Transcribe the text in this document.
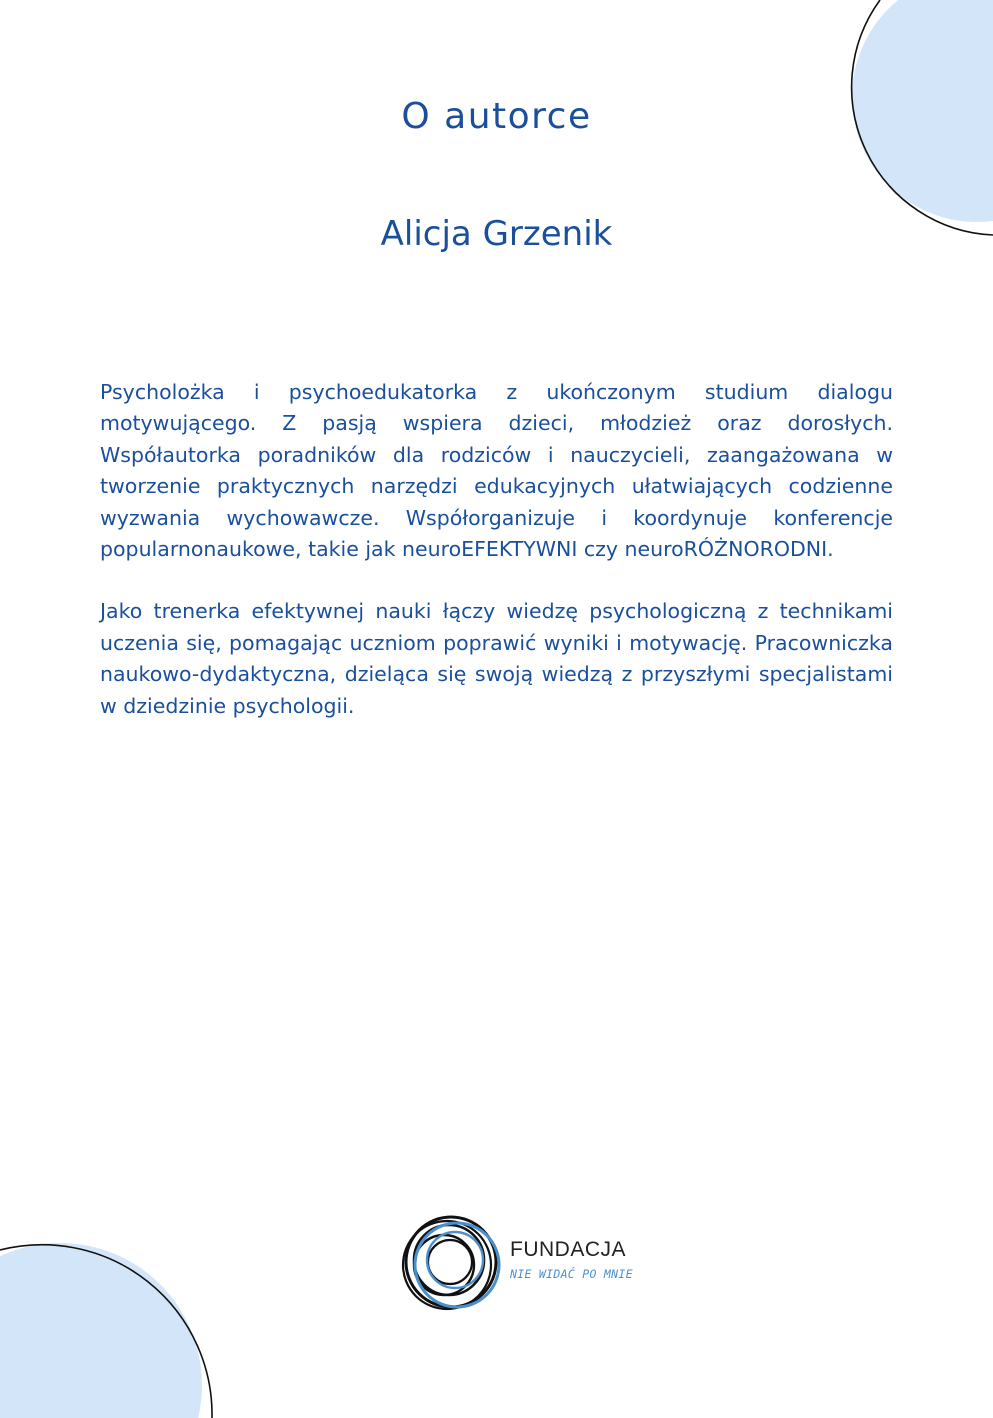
O autorce
Alicja Grzenik

Psycholożka i psychoedukatorka z ukończonym studium dialogu motywującego. Z pasją wspiera dzieci, młodzież oraz dorosłych. Współautorka poradników dla rodziców i nauczycieli, zaangażowana w tworzenie praktycznych narzędzi edukacyjnych ułatwiających codzienne wyzwania wychowawcze. Współorganizuje i koordynuje konferencje popularnonaukowe, takie jak neuroEFEKTYWNI czy neuroRÓŻNORODNI.

Jako trenerka efektywnej nauki łączy wiedzę psychologiczną z technikami uczenia się, pomagając uczniom poprawić wyniki i motywację. Pracowniczka naukowo-dydaktyczna, dzieląca się swoją wiedzą z przyszłymi specjalistami w dziedzinie psychologii.

FUNDACJA
NIE WIDAĆ PO MNIE
